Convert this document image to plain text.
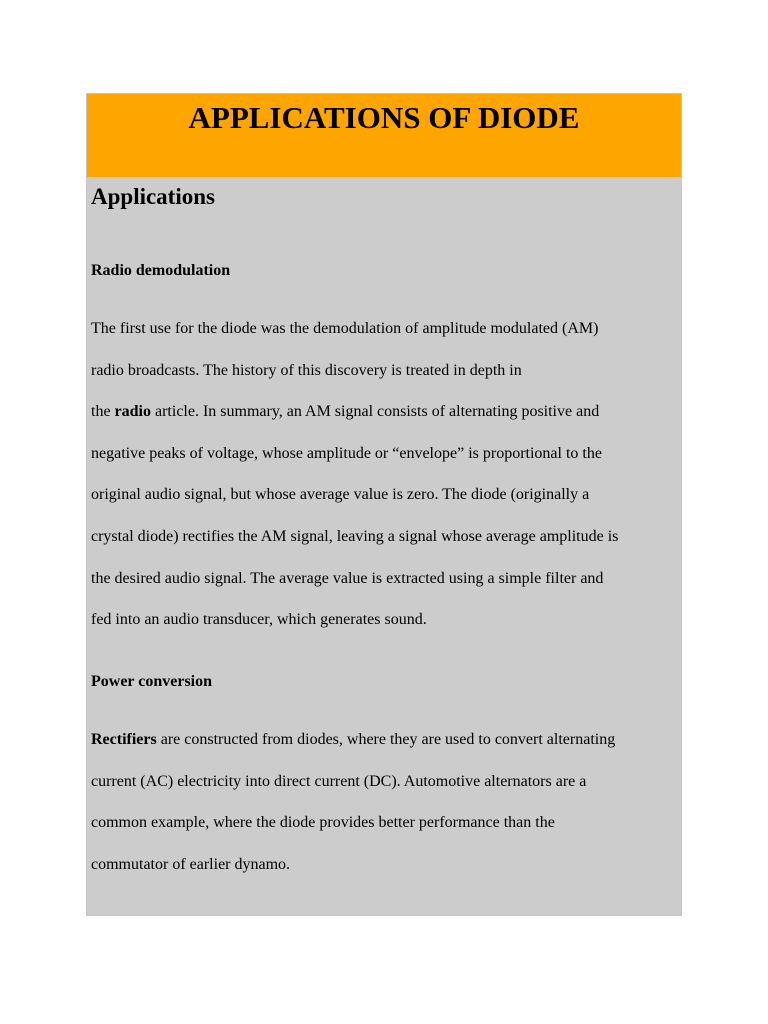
APPLICATIONS OF DIODE
Applications
Radio demodulation

The first use for the diode was the demodulation of amplitude modulated (AM)
radio broadcasts. The history of this discovery is treated in depth in
the radio article. In summary, an AM signal consists of alternating positive and
negative peaks of voltage, whose amplitude or “envelope” is proportional to the
original audio signal, but whose average value is zero. The diode (originally a
crystal diode) rectifies the AM signal, leaving a signal whose average amplitude is
the desired audio signal. The average value is extracted using a simple filter and
fed into an audio transducer, which generates sound.

Power conversion

Rectifiers are constructed from diodes, where they are used to convert alternating
current (AC) electricity into direct current (DC). Automotive alternators are a
common example, where the diode provides better performance than the
commutator of earlier dynamo.
